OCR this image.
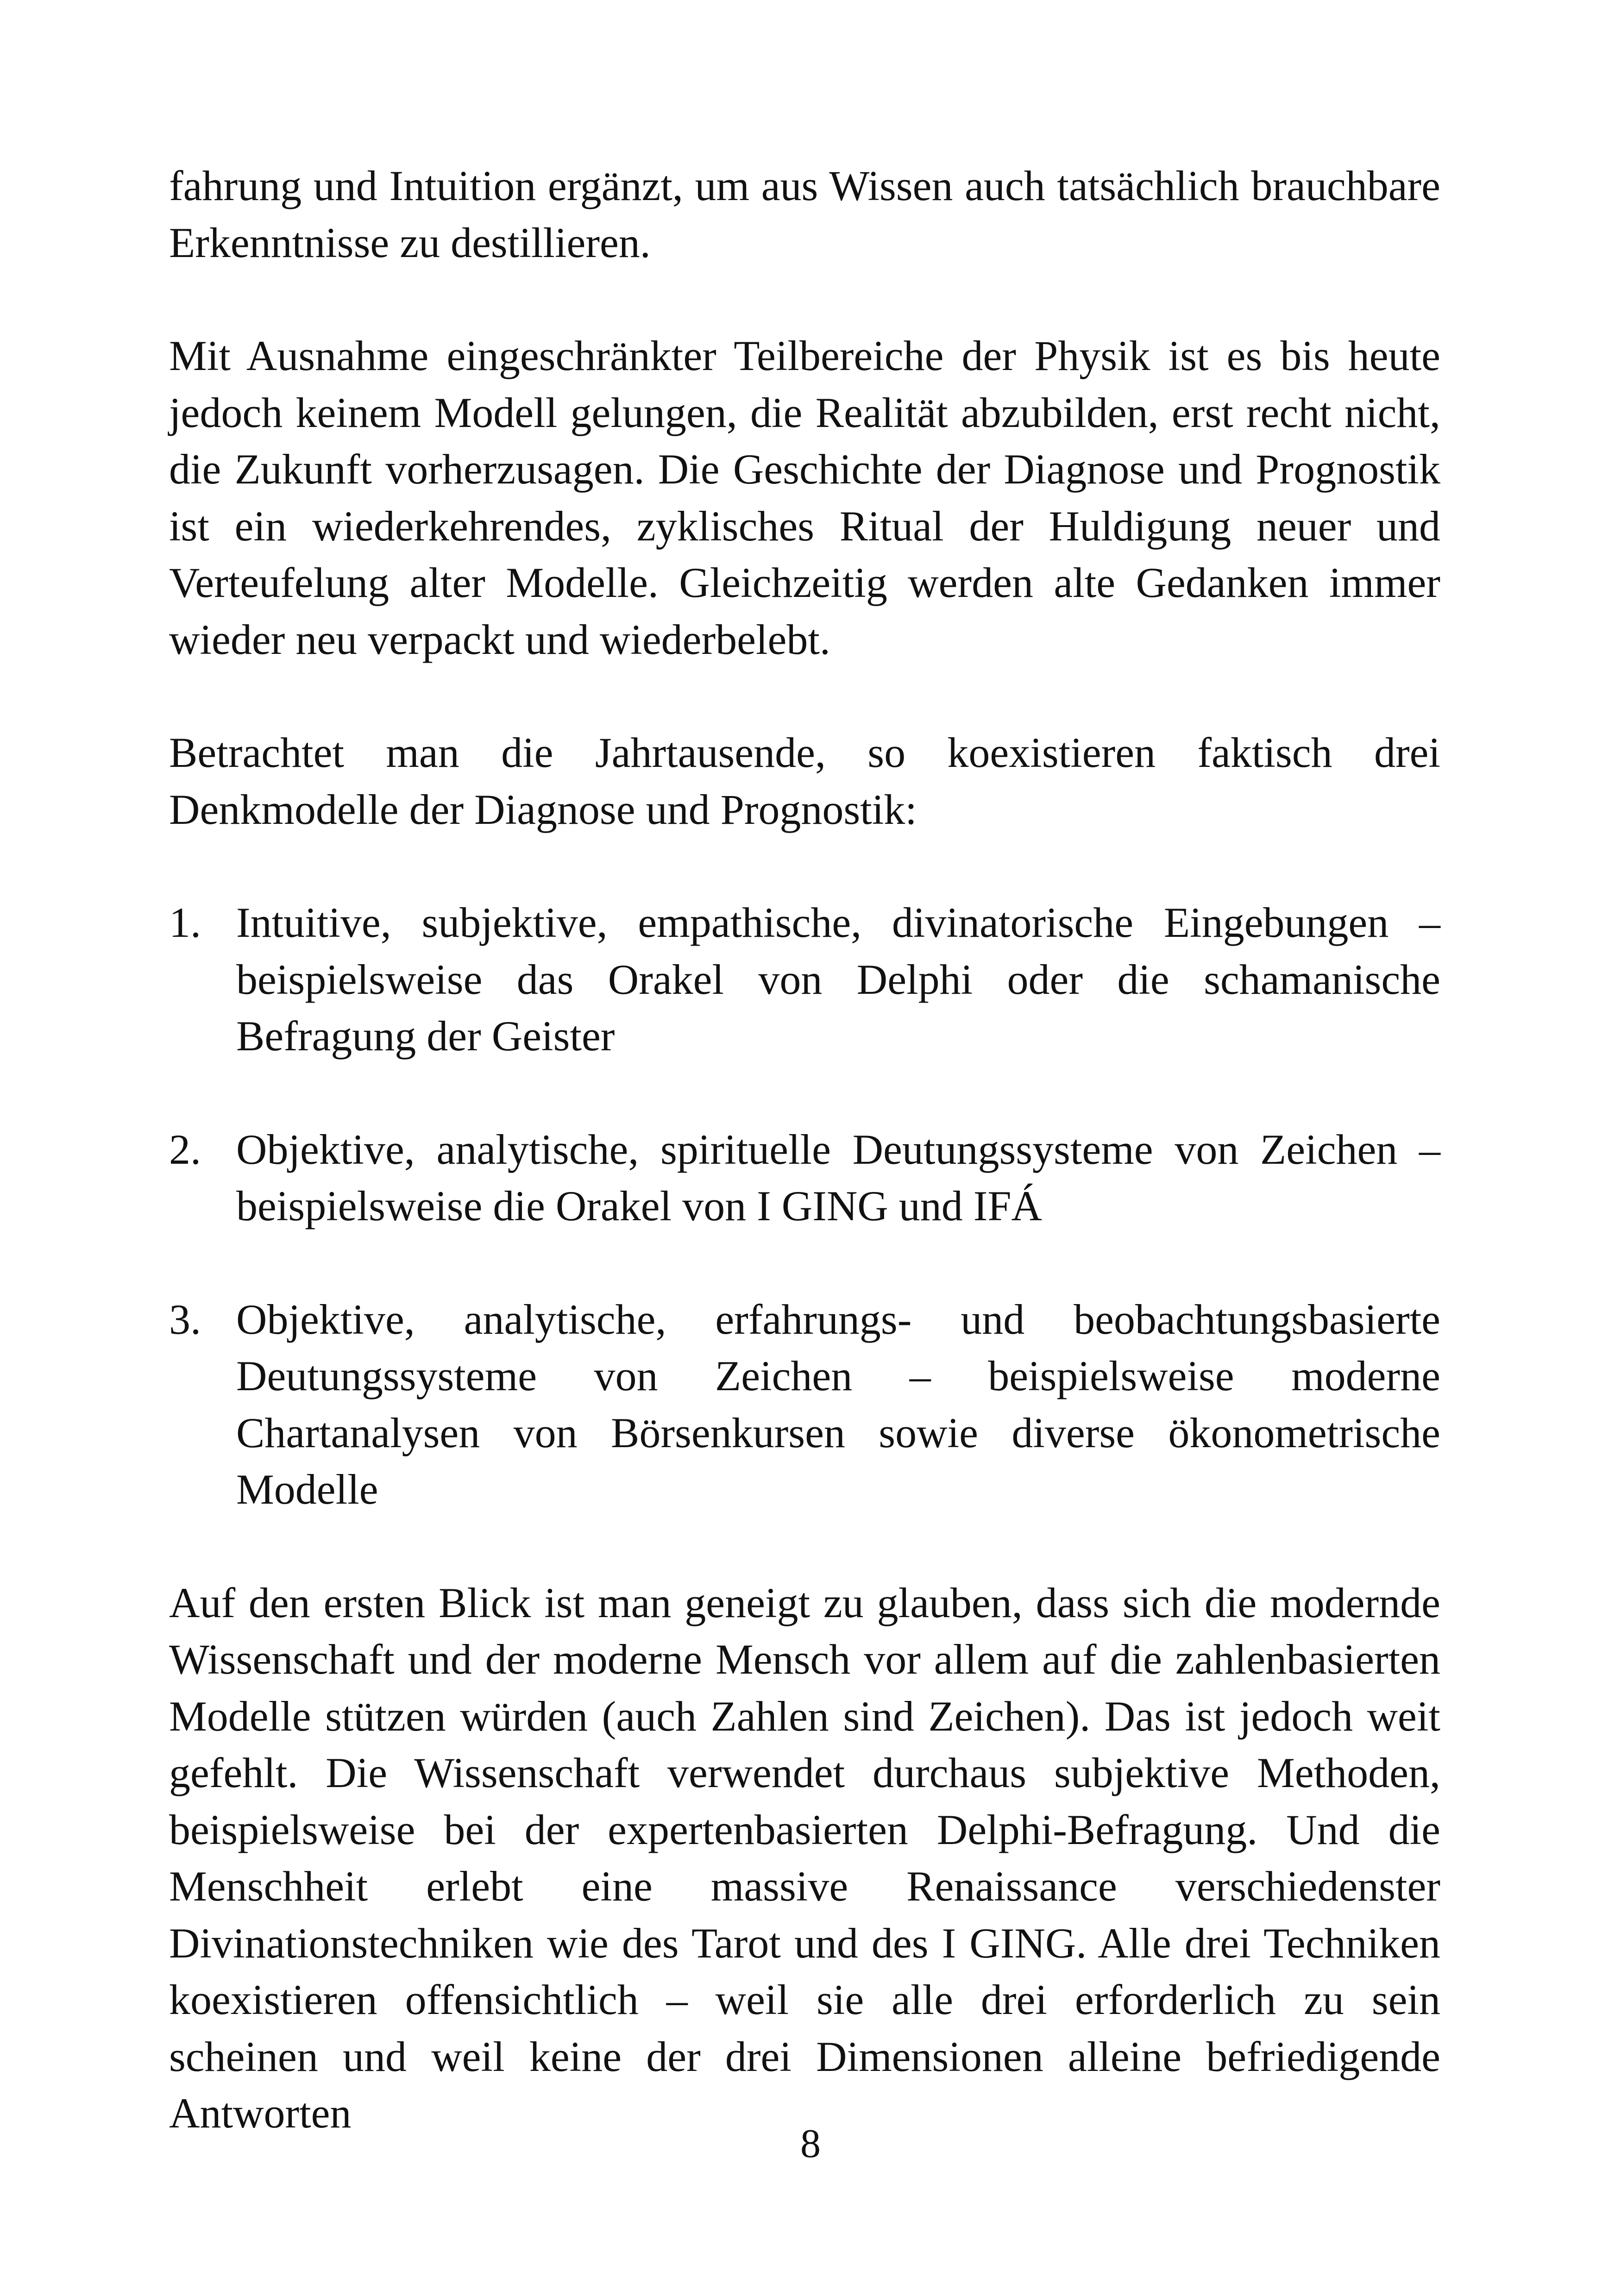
fahrung und Intuition ergänzt, um aus Wissen auch tatsächlich brauchbare Erkenntnisse zu destillieren.

Mit Ausnahme eingeschränkter Teilbereiche der Physik ist es bis heute jedoch keinem Modell gelungen, die Realität abzubilden, erst recht nicht, die Zukunft vorherzusagen. Die Geschichte der Diagnose und Prognostik ist ein wiederkehrendes, zyklisches Ritual der Huldigung neuer und Verteufelung alter Modelle. Gleichzeitig werden alte Gedanken immer wieder neu verpackt und wiederbelebt.

Betrachtet man die Jahrtausende, so koexistieren faktisch drei Denkmodelle der Diagnose und Prognostik:

1. Intuitive, subjektive, empathische, divinatorische Eingebungen – beispielsweise das Orakel von Delphi oder die schamanische Befragung der Geister
2. Objektive, analytische, spirituelle Deutungssysteme von Zeichen – beispielsweise die Orakel von I GING und IFÁ
3. Objektive, analytische, erfahrungs- und beobachtungsbasierte Deutungssysteme von Zeichen – beispielsweise moderne Chartanalysen von Börsenkursen sowie diverse ökonometrische Modelle

Auf den ersten Blick ist man geneigt zu glauben, dass sich die modernde Wissenschaft und der moderne Mensch vor allem auf die zahlenbasierten Modelle stützen würden (auch Zahlen sind Zeichen). Das ist jedoch weit gefehlt. Die Wissenschaft verwendet durchaus subjektive Methoden, beispielsweise bei der expertenbasierten Delphi-Befragung. Und die Menschheit erlebt eine massive Renaissance verschiedenster Divinationstechniken wie des Tarot und des I GING. Alle drei Techniken koexistieren offensichtlich – weil sie alle drei erforderlich zu sein scheinen und weil keine der drei Dimensionen alleine befriedigende Antworten

8
